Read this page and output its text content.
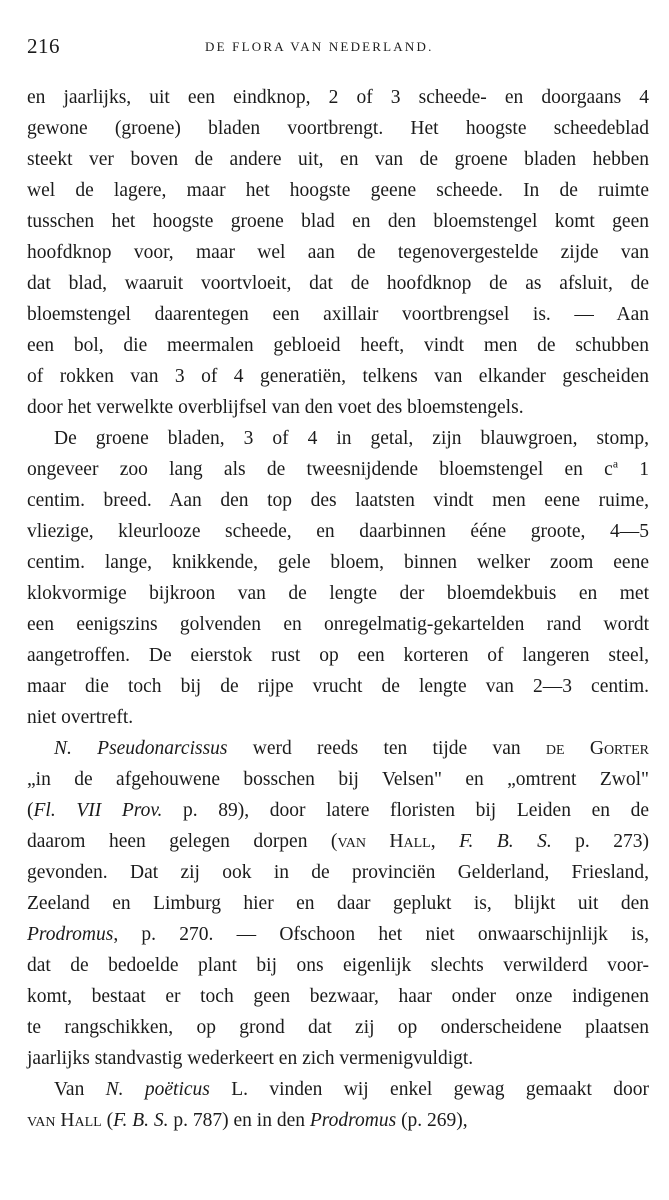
216	DE FLORA VAN NEDERLAND.
en jaarlijks, uit een eindknop, 2 of 3 scheede- en doorgaans 4
gewone (groene) bladen voortbrengt. Het hoogste scheedeblad
steekt ver boven de andere uit, en van de groene bladen hebben
wel de lagere, maar het hoogste geene scheede. In de ruimte
tusschen het hoogste groene blad en den bloemstengel komt geen
hoofdknop voor, maar wel aan de tegenovergestelde zijde van
dat blad, waaruit voortvloeit, dat de hoofdknop de as afsluit, de
bloemstengel daarentegen een axillair voortbrengsel is. — Aan
een bol, die meermalen gebloeid heeft, vindt men de schubben
of rokken van 3 of 4 generatiën, telkens van elkander gescheiden
door het verwelkte overblijfsel van den voet des bloemstengels.
De groene bladen, 3 of 4 in getal, zijn blauwgroen, stomp,
ongeveer zoo lang als de tweesnijdende bloemstengel en $c^a$ 1
centim. breed. Aan den top des laatsten vindt men eene ruime,
vliezige, kleurlooze scheede, en daarbinnen ééne groote, 4—5
centim. lange, knikkende, gele bloem, binnen welker zoom eene
klokvormige bijkroon van de lengte der bloemdekbuis en met
een eenigszins golvenden en onregelmatig-gekartelden rand wordt
aangetroffen. De eierstok rust op een korteren of langeren steel,
maar die toch bij de rijpe vrucht de lengte van 2—3 centim.
niet overtreft.
N. Pseudonarcissus werd reeds ten tijde van de Gorter
„in de afgehouwene bosschen bij Velsen" en „omtrent Zwol"
(Fl. VII Prov. p. 89), door latere floristen bij Leiden en de
daarom heen gelegen dorpen (van Hall, F. B. S. p. 273)
gevonden. Dat zij ook in de provinciën Gelderland, Friesland,
Zeeland en Limburg hier en daar geplukt is, blijkt uit den
Prodromus, p. 270. — Ofschoon het niet onwaarschijnlijk is,
dat de bedoelde plant bij ons eigenlijk slechts verwilderd voor-
komt, bestaat er toch geen bezwaar, haar onder onze indigenen
te rangschikken, op grond dat zij op onderscheidene plaatsen
jaarlijks standvastig wederkeert en zich vermenigvuldigt.
Van N. poëticus L. vinden wij enkel gewag gemaakt door
van Hall (F. B. S. p. 787) en in den Prodromus (p. 269),
